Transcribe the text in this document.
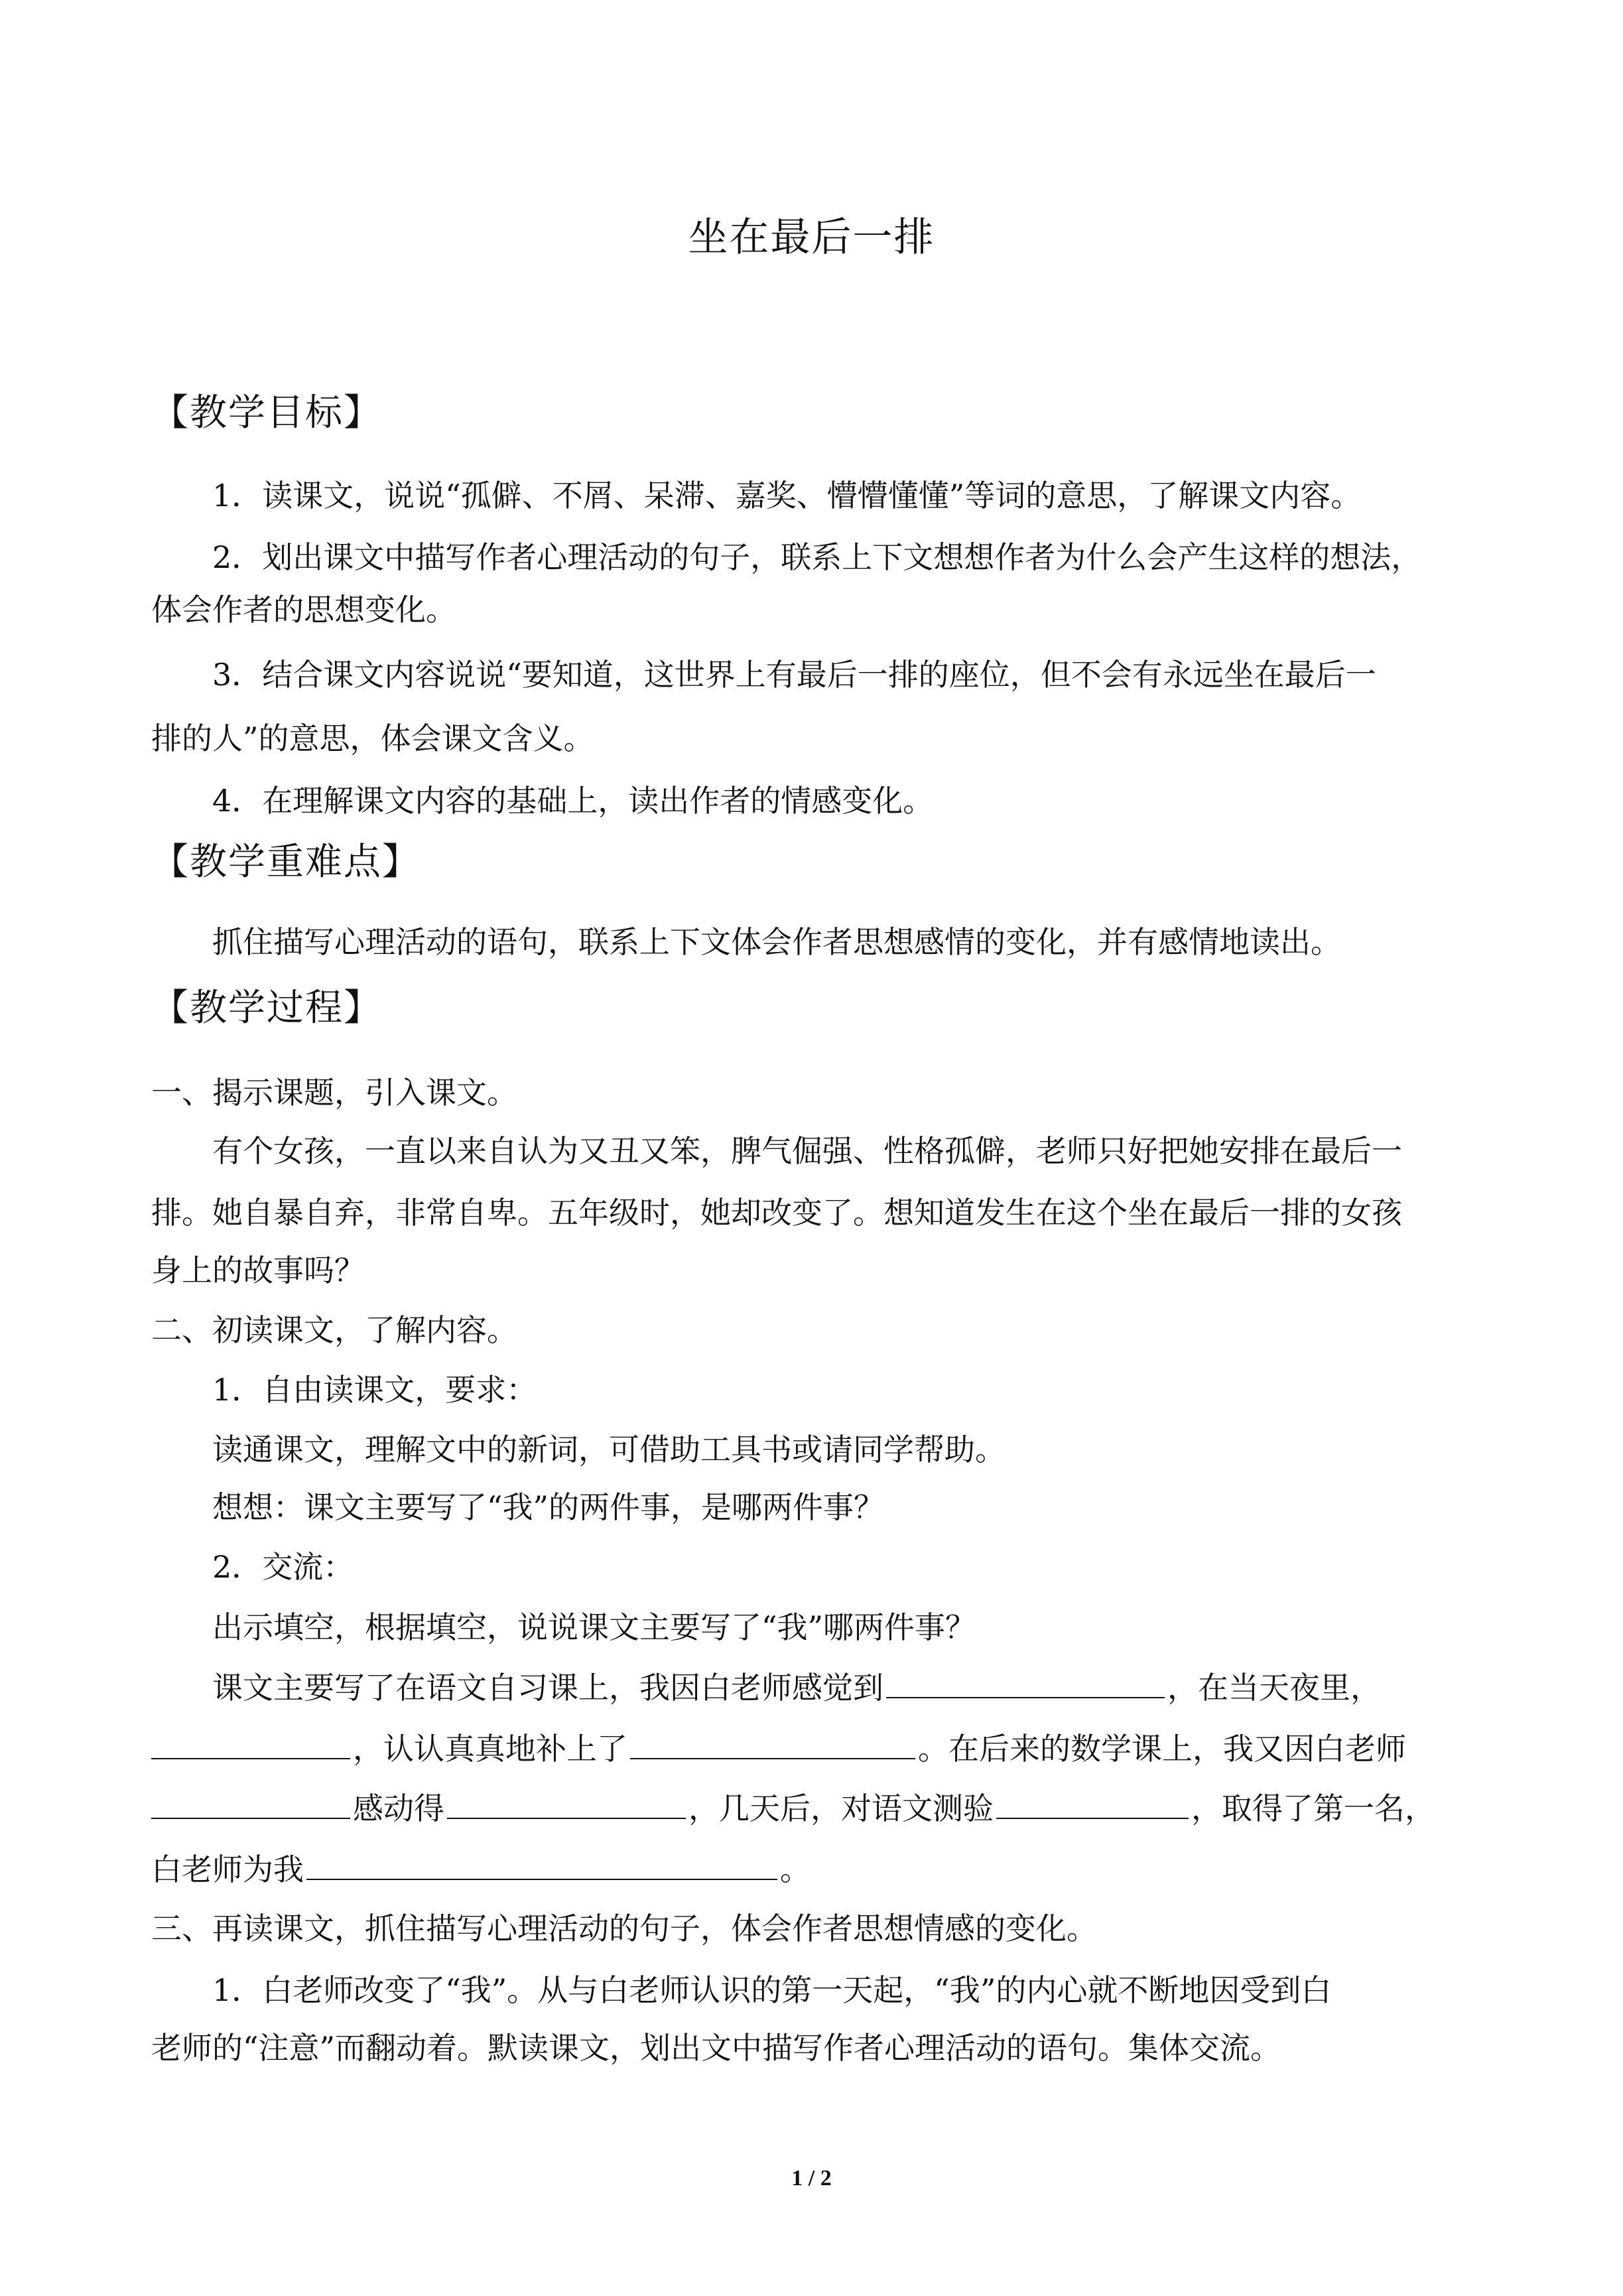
坐在最后一排
【教学目标】
1．读课文，说说“孤僻、不屑、呆滞、嘉奖、懵懵懂懂”等词的意思，了解课文内容。
2．划出课文中描写作者心理活动的句子，联系上下文想想作者为什么会产生这样的想法，
体会作者的思想变化。
3．结合课文内容说说“要知道，这世界上有最后一排的座位，但不会有永远坐在最后一
排的人”的意思，体会课文含义。
4．在理解课文内容的基础上，读出作者的情感变化。
【教学重难点】
抓住描写心理活动的语句，联系上下文体会作者思想感情的变化，并有感情地读出。
【教学过程】
一、揭示课题，引入课文。
有个女孩，一直以来自认为又丑又笨，脾气倔强、性格孤僻，老师只好把她安排在最后一
排。她自暴自弃，非常自卑。五年级时，她却改变了。想知道发生在这个坐在最后一排的女孩
身上的故事吗？
二、初读课文，了解内容。
1．自由读课文，要求：
读通课文，理解文中的新词，可借助工具书或请同学帮助。
想想：课文主要写了“我”的两件事，是哪两件事？
2．交流：
出示填空，根据填空，说说课文主要写了“我”哪两件事？
课文主要写了在语文自习课上，我因白老师感觉到	，在当天夜里，
，认认真真地补上了	。在后来的数学课上，我又因白老师
感动得	，几天后，对语文测验	，取得了第一名，
白老师为我	。
三、再读课文，抓住描写心理活动的句子，体会作者思想情感的变化。
1．白老师改变了“我”。从与白老师认识的第一天起，“我”的内心就不断地因受到白
老师的“注意”而翻动着。默读课文，划出文中描写作者心理活动的语句。集体交流。
1 / 2
